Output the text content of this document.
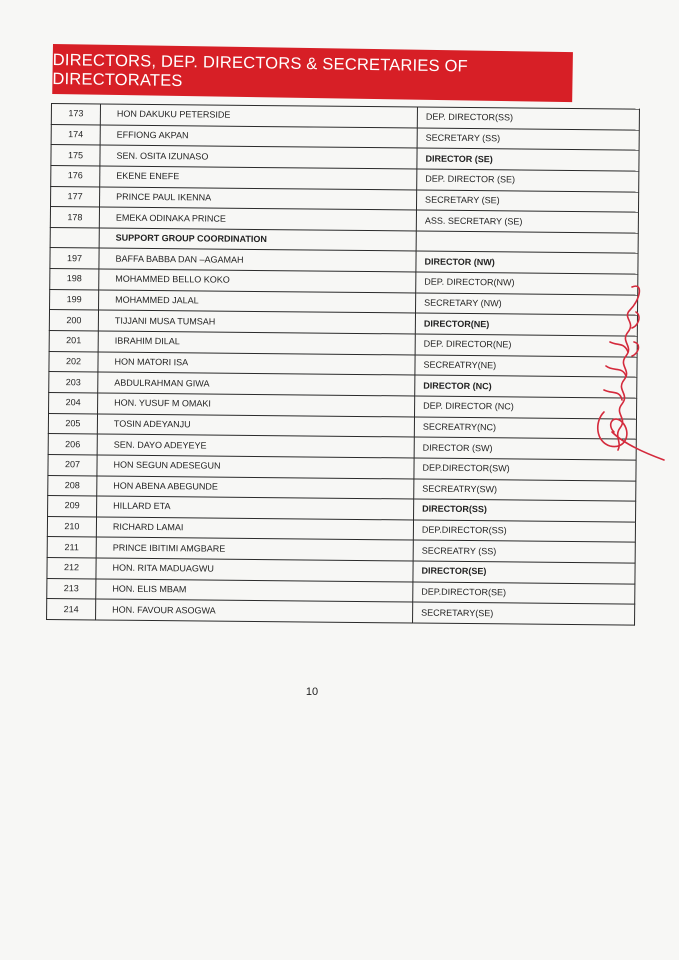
DIRECTORS, DEP. DIRECTORS & SECRETARIES OF DIRECTORATES
173	HON DAKUKU PETERSIDE	DEP. DIRECTOR(SS)
174	EFFIONG AKPAN	SECRETARY (SS)
175	SEN. OSITA IZUNASO	DIRECTOR (SE)
176	EKENE ENEFE	DEP. DIRECTOR (SE)
177	PRINCE PAUL IKENNA	SECRETARY (SE)
178	EMEKA ODINAKA PRINCE	ASS. SECRETARY (SE)
	SUPPORT GROUP COORDINATION	
197	BAFFA BABBA DAN –AGAMAH	DIRECTOR (NW)
198	MOHAMMED BELLO KOKO	DEP. DIRECTOR(NW)
199	MOHAMMED JALAL	SECRETARY (NW)
200	TIJJANI MUSA TUMSAH	DIRECTOR(NE)
201	IBRAHIM DILAL	DEP. DIRECTOR(NE)
202	HON MATORI ISA	SECREATRY(NE)
203	ABDULRAHMAN GIWA	DIRECTOR (NC)
204	HON. YUSUF M OMAKI	DEP. DIRECTOR (NC)
205	TOSIN ADEYANJU	SECREATRY(NC)
206	SEN. DAYO ADEYEYE	DIRECTOR (SW)
207	HON SEGUN ADESEGUN	DEP.DIRECTOR(SW)
208	HON ABENA ABEGUNDE	SECREATRY(SW)
209	HILLARD ETA	DIRECTOR(SS)
210	RICHARD LAMAI	DEP.DIRECTOR(SS)
211	PRINCE IBITIMI AMGBARE	SECREATRY (SS)
212	HON. RITA MADUAGWU	DIRECTOR(SE)
213	HON. ELIS MBAM	DEP.DIRECTOR(SE)
214	HON. FAVOUR ASOGWA	SECRETARY(SE)
10
